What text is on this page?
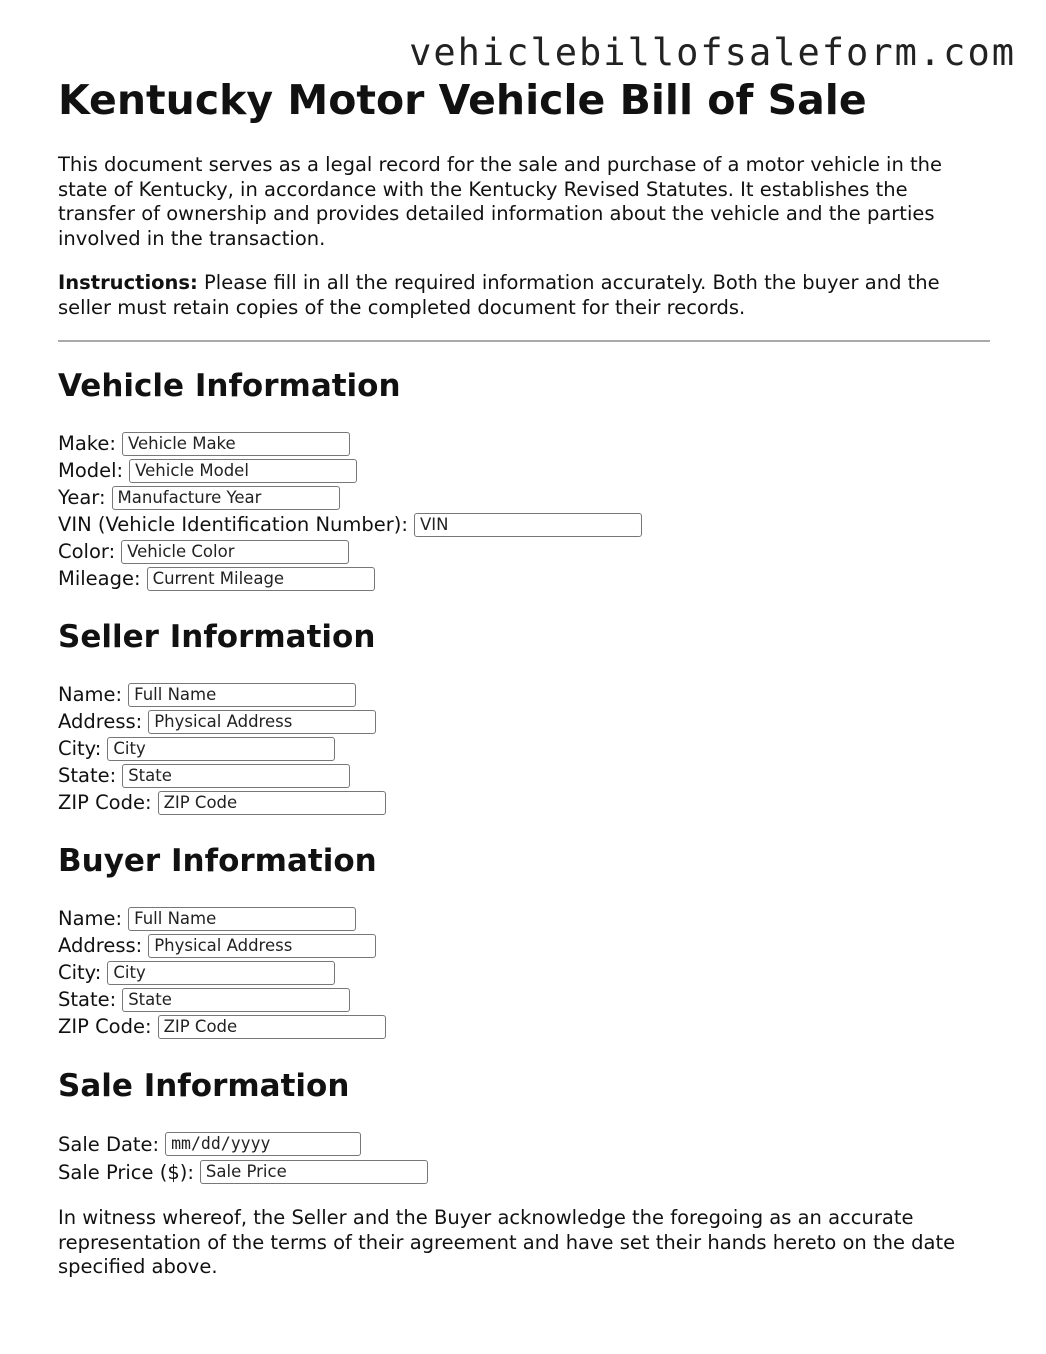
vehiclebillofsaleform.com
Kentucky Motor Vehicle Bill of Sale

This document serves as a legal record for the sale and purchase of a motor vehicle in the state of Kentucky, in accordance with the Kentucky Revised Statutes. It establishes the transfer of ownership and provides detailed information about the vehicle and the parties involved in the transaction.

Instructions: Please fill in all the required information accurately. Both the buyer and the seller must retain copies of the completed document for their records.

Vehicle Information
Make: Vehicle Make
Model: Vehicle Model
Year: Manufacture Year
VIN (Vehicle Identification Number): VIN
Color: Vehicle Color
Mileage: Current Mileage
Seller Information
Name: Full Name
Address: Physical Address
City: City
State: State
ZIP Code: ZIP Code
Buyer Information
Name: Full Name
Address: Physical Address
City: City
State: State
ZIP Code: ZIP Code
Sale Information
Sale Date: mm/dd/yyyy
Sale Price ($): Sale Price

In witness whereof, the Seller and the Buyer acknowledge the foregoing as an accurate representation of the terms of their agreement and have set their hands hereto on the date specified above.
